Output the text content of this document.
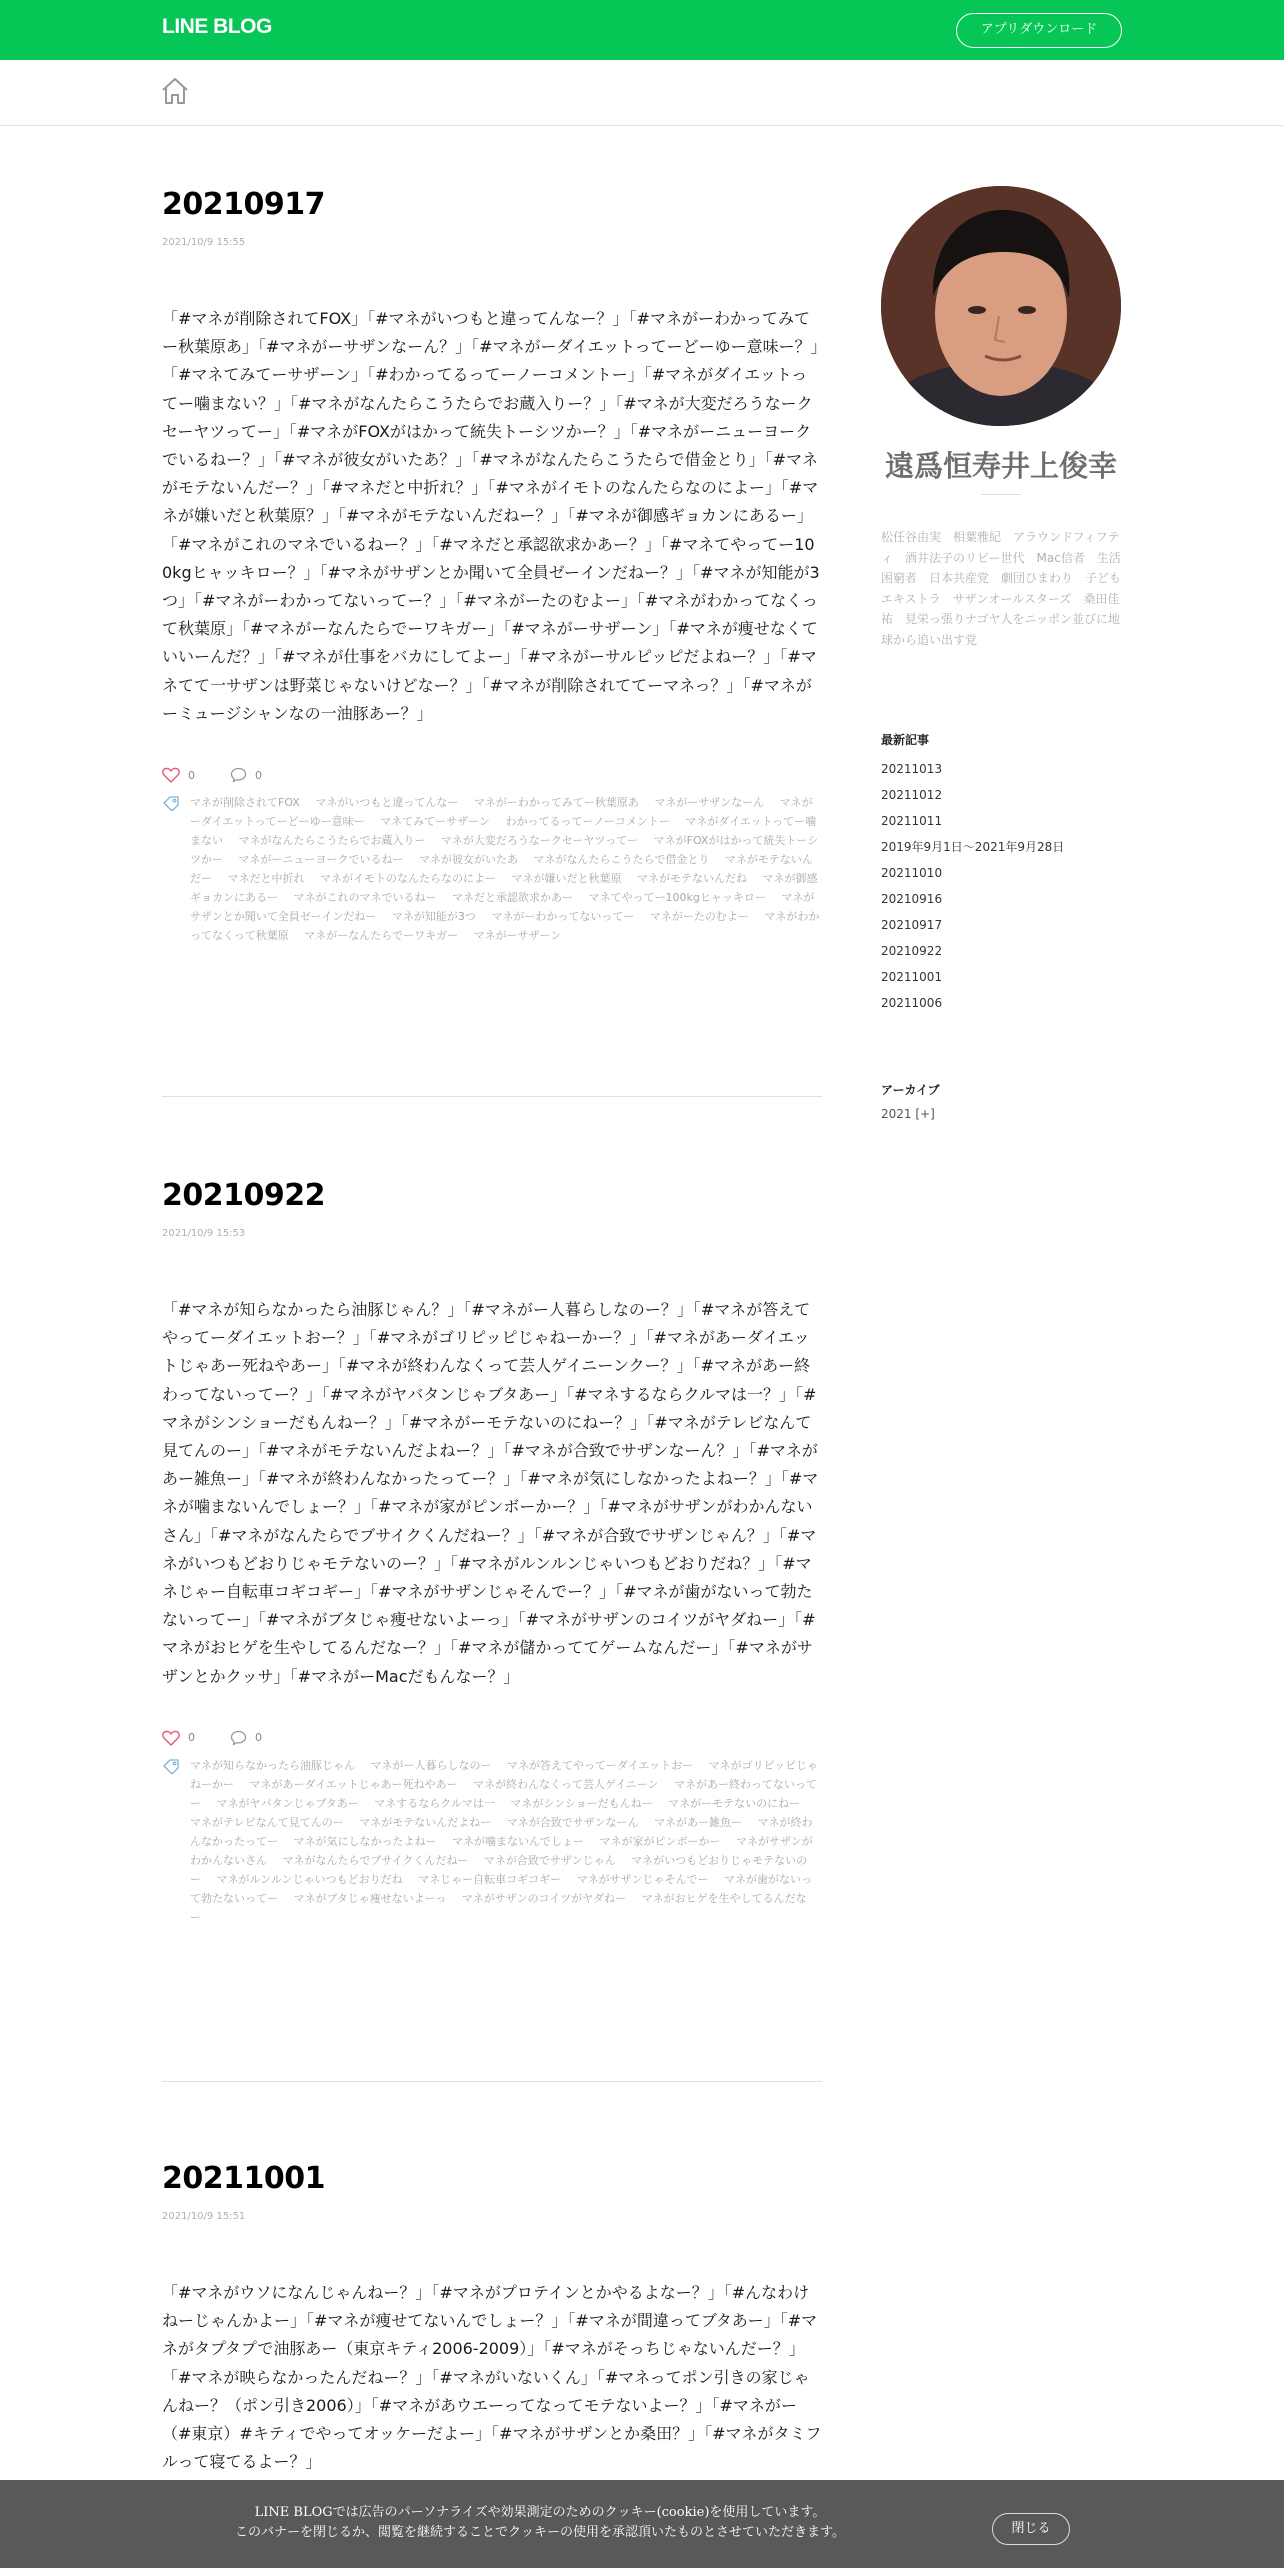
LINE BLOG	アプリダウンロード
20210917
2021/10/9 15:55
「#マネが削除されてFOX」「#マネがいつもと違ってんなー？」「#マネがーわかってみてー秋葉原あ」「#マネがーサザンなーん？」「#マネがーダイエットってーどーゆー意味ー？」「#マネてみてーサザーン」「#わかってるってーノーコメントー」「#マネがダイエットってー噛まない？」「#マネがなんたらこうたらでお蔵入りー？」「#マネが大変だろうなークセーヤツってー」「#マネがFOXがはかって統失トーシツかー？」「#マネがーニューヨークでいるねー？」「#マネが彼女がいたあ？」「#マネがなんたらこうたらで借金とり」「#マネがモテないんだー？」「#マネだと中折れ？」「#マネがイモトのなんたらなのによー」「#マネが嫌いだと秋葉原？」「#マネがモテないんだねー？」「#マネが御感ギョカンにあるー」「#マネがこれのマネでいるねー？」「#マネだと承認欲求かあー？」「#マネてやってー100kgヒャッキロー？」「#マネがサザンとか聞いて全員ゼーインだねー？」「#マネが知能が3つ」「#マネがーわかってないってー？」「#マネがーたのむよー」「#マネがわかってなくって秋葉原」「#マネがーなんたらでーワキガー」「#マネがーサザーン」「#マネが痩せなくていいーんだ？」「#マネが仕事をバカにしてよー」「#マネがーサルピッピだよねー？」「#マネてて一サザンは野菜じゃないけどなー？」「#マネが削除されててーマネっ？」「#マネがーミュージシャンなの一油豚あー？」
0	0
マネが削除されてFOX マネがいつもと違ってんなー マネがーわかってみてー秋葉原あ マネがーサザンなーん マネがーダイエットってーどーゆー意味ー マネてみてーサザーン わかってるってーノーコメントー マネがダイエットってー噛まない マネがなんたらこうたらでお蔵入りー マネが大変だろうなークセーヤツってー マネがFOXがはかって統失トーシツかー マネがーニューヨークでいるねー マネが彼女がいたあ マネがなんたらこうたらで借金とり マネがモテないんだー マネだと中折れ マネがイモトのなんたらなのによー マネが嫌いだと秋葉原 マネがモテないんだね マネが御感ギョカンにあるー マネがこれのマネでいるねー マネだと承認欲求かあー マネてやってー100kgヒャッキロー マネがサザンとか聞いて全員ゼーインだねー マネが知能が3つ マネがーわかってないってー マネがーたのむよー マネがわかってなくって秋葉原 マネがーなんたらでーワキガー マネがーサザーン
20210922
2021/10/9 15:53
「#マネが知らなかったら油豚じゃん？」「#マネがー人暮らしなのー？」「#マネが答えてやってーダイエットおー？」「#マネがゴリピッピじゃねーかー？」「#マネがあーダイエットじゃあー死ねやあー」「#マネが終わんなくって芸人ゲイニーンクー？」「#マネがあー終わってないってー？」「#マネがヤバタンじゃブタあー」「#マネするならクルマは一？」「#マネがシンショーだもんねー？」「#マネがーモテないのにねー？」「#マネがテレビなんて見てんのー」「#マネがモテないんだよねー？」「#マネが合致でサザンなーん？」「#マネがあー雑魚ー」「#マネが終わんなかったってー？」「#マネが気にしなかったよねー？」「#マネが噛まないんでしょー？」「#マネが家がピンボーかー？」「#マネがサザンがわかんないさん」「#マネがなんたらでブサイクくんだねー？」「#マネが合致でサザンじゃん？」「#マネがいつもどおりじゃモテないのー？」「#マネがルンルンじゃいつもどおりだね？」「#マネじゃー自転車コギコギー」「#マネがサザンじゃそんでー？」「#マネが歯がないって勃たないってー」「#マネがブタじゃ痩せないよーっ」「#マネがサザンのコイツがヤダねー」「#マネがおヒゲを生やしてるんだなー？」「#マネが儲かっててゲームなんだー」「#マネがサザンとかクッサ」「#マネがーMacだもんなー？」
0	0
マネが知らなかったら油豚じゃん マネがー人暮らしなのー マネが答えてやってーダイエットおー マネがゴリピッピじゃねーかー マネがあーダイエットじゃあー死ねやあー マネが終わんなくって芸人ゲイニーン マネがあー終わってないってー マネがヤバタンじゃブタあー マネするならクルマは一 マネがシンショーだもんねー マネがーモテないのにねー マネがテレビなんて見てんのー マネがモテないんだよねー マネが合致でサザンなーん マネがあー雑魚ー マネが終わんなかったってー マネが気にしなかったよねー マネが噛まないんでしょー マネが家がピンボーかー マネがサザンがわかんないさん マネがなんたらでブサイクくんだねー マネが合致でサザンじゃん マネがいつもどおりじゃモテないのー マネがルンルンじゃいつもどおりだね マネじゃー自転車コギコギー マネがサザンじゃそんでー マネが歯がないって勃たないってー マネがブタじゃ痩せないよーっ マネがサザンのコイツがヤダねー マネがおヒゲを生やしてるんだなー
20211001
2021/10/9 15:51
「#マネがウソになんじゃんねー？」「#マネがプロテインとかやるよなー？」「#んなわけねーじゃんかよー」「#マネが痩せてないんでしょー？」「#マネが間違ってブタあー」「#マネがタプタプで油豚あー（東京キティ2006-2009）」「#マネがそっちじゃないんだー？」「#マネが映らなかったんだねー？」「#マネがいないくん」「#マネってポン引きの家じゃんねー？（ポン引き2006）」「#マネがあウエーってなってモテないよー？」「#マネがー（#東京）#キティでやってオッケーだよー」「#マネがサザンとか桑田？」「#マネがタミフルって寝てるよー？」
遠爲恒寿井上俊幸
松任谷由実　相葉雅紀　アラウンドフィフティ　酒井法子のリビー世代　Mac信者　生活困窮者　日本共産党　劇団ひまわり　子どもエキストラ　サザンオールスターズ　桑田佳祐　見栄っ張りナゴヤ人をニッポン並びに地球から追い出す党
最新記事
20211013
20211012
20211011
2019年9月1日〜2021年9月28日
20211010
20210916
20210917
20210922
20211001
20211006
アーカイブ
2021 [+]
LINE BLOGでは広告のパーソナライズや効果測定のためのクッキー(cookie)を使用しています。
このバナーを閉じるか、閲覧を継続することでクッキーの使用を承認頂いたものとさせていただきます。	閉じる
